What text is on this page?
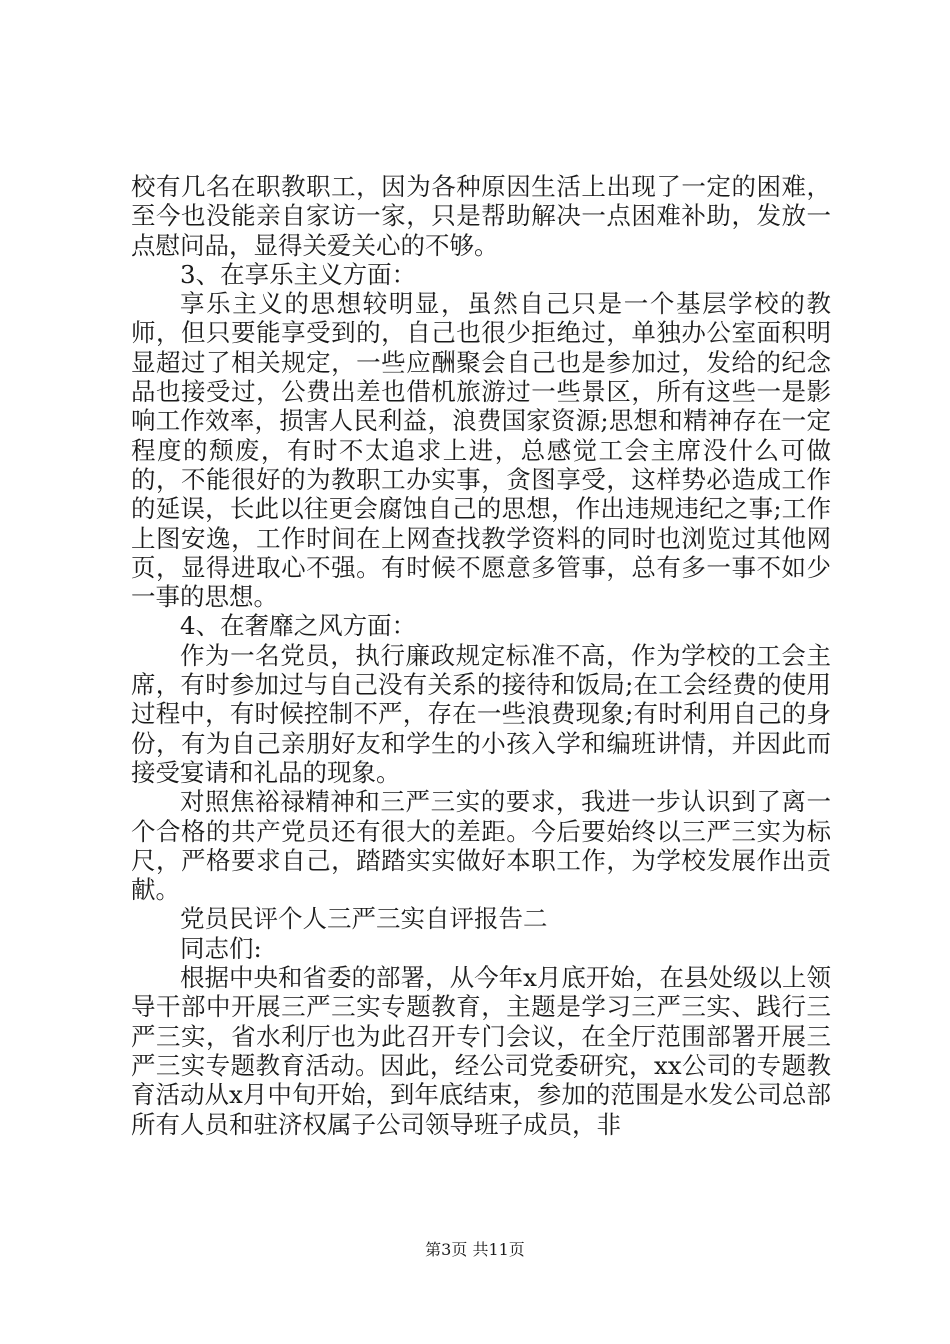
校有几名在职教职工，因为各种原因生活上出现了一定的困难，至今也没能亲自家访一家，只是帮助解决一点困难补助，发放一点慰问品，显得关爱关心的不够。

3、在享乐主义方面：

享乐主义的思想较明显，虽然自己只是一个基层学校的教师，但只要能享受到的，自己也很少拒绝过，单独办公室面积明显超过了相关规定，一些应酬聚会自己也是参加过，发给的纪念品也接受过，公费出差也借机旅游过一些景区，所有这些一是影响工作效率，损害人民利益，浪费国家资源;思想和精神存在一定程度的颓废，有时不太追求上进，总感觉工会主席没什么可做的，不能很好的为教职工办实事，贪图享受，这样势必造成工作的延误，长此以往更会腐蚀自己的思想，作出违规违纪之事;工作上图安逸，工作时间在上网查找教学资料的同时也浏览过其他网页，显得进取心不强。有时候不愿意多管事，总有多一事不如少一事的思想。

4、在奢靡之风方面：

作为一名党员，执行廉政规定标准不高，作为学校的工会主席，有时参加过与自己没有关系的接待和饭局;在工会经费的使用过程中，有时候控制不严，存在一些浪费现象;有时利用自己的身份，有为自己亲朋好友和学生的小孩入学和编班讲情，并因此而接受宴请和礼品的现象。

对照焦裕禄精神和三严三实的要求，我进一步认识到了离一个合格的共产党员还有很大的差距。今后要始终以三严三实为标尺，严格要求自己，踏踏实实做好本职工作，为学校发展作出贡献。

党员民评个人三严三实自评报告二

同志们:

根据中央和省委的部署，从今年x月底开始，在县处级以上领导干部中开展三严三实专题教育，主题是学习三严三实、践行三严三实，省水利厅也为此召开专门会议，在全厅范围部署开展三严三实专题教育活动。因此，经公司党委研究，xx公司的专题教育活动从x月中旬开始，到年底结束，参加的范围是水发公司总部所有人员和驻济权属子公司领导班子成员，非

第3页 共11页
